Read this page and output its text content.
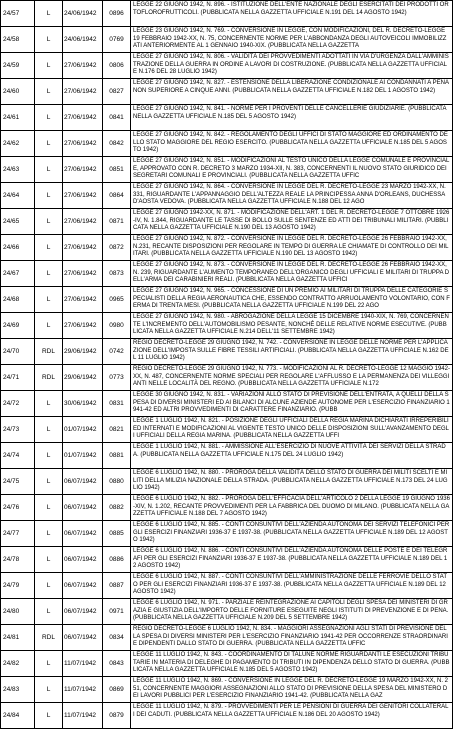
24/57	L	24/06/1942	0896	LEGGE 22 GIUGNO 1942, N. 896. - ISTITUZIONE DELL'ENTE NAZIONALE DEGLI ESERCITATI DEI PRODOTTI ORTOFLOROFRUTTICOLI. (PUBBLICATA NELLA GAZZETTA UFFICIALE N.191 DEL 14 AGOSTO 1942)

24/58	L	24/06/1942	0769	LEGGE 23 GIUGNO 1942, N. 769. - CONVERSIONE IN LEGGE, CON MODIFICAZIONI, DEL R. DECRETO-LEGGE 19 FEBBRAIO 1942-XX, N. 75, CONCERNENTE NORME PER L'ABBONDANZA DEGLI AUTOVEICOLI IMMOBILIZZATI ANTERIORMENTE AL 1 GENNAIO 1940-XIX. (PUBBLICATA NELLA GAZZETTA

24/59	L	27/06/1942	0806	LEGGE 27 GIUGNO 1942, N. 806. - VALIDITÀ DEI PROVVEDIMENTI ADOTTATI IN VIA D'URGENZA DALL'AMMINISTRAZIONE DELLA GUERRA IN ORDINE A LAVORI DI COSTRUZIONE. (PUBBLICATA NELLA GAZZETTA UFFICIALE N.176 DEL 28 LUGLIO 1942)

24/60	L	27/06/1942	0827	LEGGE 27 GIUGNO 1942, N. 827. - ESTENSIONE DELLA LIBERAZIONE CONDIZIONALE AI CONDANNATI A PENA NON SUPERIORE A CINQUE ANNI. (PUBBLICATA NELLA GAZZETTA UFFICIALE N.182 DEL 1 AGOSTO 1942)

24/61	L	27/06/1942	0841	LEGGE 27 GIUGNO 1942, N. 841. - NORME PER I PROVENTI DELLE CANCELLERIE GIUDIZIARIE. (PUBBLICATA NELLA GAZZETTA UFFICIALE N.185 DEL 5 AGOSTO 1942)

24/62	L	27/06/1942	0842	LEGGE 27 GIUGNO 1942, N. 842. - REGOLAMENTO DEGLI UFFICI DI STATO MAGGIORE ED ORDINAMENTO DELLO STATO MAGGIORE DEL REGIO ESERCITO. (PUBBLICATA NELLA GAZZETTA UFFICIALE N.185 DEL 5 AGOSTO 1942)

24/63	L	27/06/1942	0851	LEGGE 27 GIUGNO 1942, N. 851. - MODIFICAZIONI AL TESTO UNICO DELLA LEGGE COMUNALE E PROVINCIALE, APPROVATO CON R. DECRETO 3 MARZO 1934-XII, N. 383, CONCERNENTI IL NUOVO STATO GIURIDICO DEI SEGRETARI COMUNALI E PROVINCIALI. (PUBBLICATA NELLA GAZZETTA UFFIC

24/64	L	27/06/1942	0864	LEGGE 27 GIUGNO 1942, N. 864. - CONVERSIONE IN LEGGE DEL R. DECRETO-LEGGE 23 MARZO 1942-XX, N. 331, RIGUARDANTE L'APPANNAGGIO DELL'ALTEZZA REALE LA PRINCIPESSA ANNA D'ORLEANS, DUCHESSA D'AOSTA VEDOVA. (PUBBLICATA NELLA GAZZETTA UFFICIALE N.188 DEL 12 AGO

24/65	L	27/06/1942	0871	LEGGE 27 GIUGNO 1942-XX, N. 871. - MODIFICAZIONE DELL'ART. 1 DEL R. DECRETO-LEGGE 7 OTTOBRE 1926-IV, N. 1.844, RIGUARDANTE LE TASSE DI BOLLO SULLE SENTENZE ED ATTI DEI TRIBUNALI MILITARI. (PUBBLICATA NELLA GAZZETTA UFFICIALE N.190 DEL 13 AGOSTO 1942)

24/66	L	27/06/1942	0872	LEGGE 27 GIUGNO 1942, N. 872. - CONVERSIONE IN LEGGE DEL R. DECRETO-LEGGE 26 FEBBRAIO 1942-XX, N.231, RECANTE DISPOSIZIONI PER REGOLARE IN TEMPO DI GUERRA LE CHIAMATE DI CONTROLLO DEI MILITARI. (PUBBLICATA NELLA GAZZETTA UFFICIALE N.190 DEL 13 AGOSTO 1942)

24/67	L	27/06/1942	0873	LEGGE 27 GIUGNO 1942, N. 873. - CONVERSIONE IN LEGGE DEL R. DECRETO-LEGGE 26 FEBBRAIO 1942-XX, N. 239, RIGUARDANTE L'AUMENTO TEMPORANEO DELL'ORGANICO DEGLI UFFICIALI E MILITARI DI TRUPPA DELL'ARMA DEI CARABINIERI REALI. (PUBBLICATA NELLA GAZZETTA UFFICI

24/68	L	27/06/1942	0965	LEGGE 27 GIUGNO 1942, N. 965. - CONCESSIONE DI UN PREMIO AI MILITARI DI TRUPPA DELLE CATEGORIE SPECIALISTI DELLA REGIA AERONAUTICA CHE, ESSENDO CONTRATTO ARRUOLAMENTO VOLONTARIO, CON FERMA DI TRENTA MESI. (PUBBLICATA NELLA GAZZETTA UFFICIALE N.199 DEL 22 AGO

24/69	L	27/06/1942	0980	LEGGE 27 GIUGNO 1942, N. 980. - ABROGAZIONE DELLA LEGGE 15 DICEMBRE 1940-XIX, N. 769, CONCERNENTE L'INCREMENTO DELL'AUTOMOBILISMO PESANTE, NONCHÉ DELLE RELATIVE NORME ESECUTIVE. (PUBBLICATA NELLA GAZZETTA UFFICIALE N.214 DELL'11 SETTEMBRE 1942)

24/70	RDL	29/06/1942	0742	REGIO DECRETO-LEGGE 29 GIUGNO 1942, N. 742. - CONVERSIONE IN LEGGE DELLE NORME PER L'APPLICAZIONE DELL'IMPOSTA SULLE FIBRE TESSILI ARTIFICIALI. (PUBBLICATA NELLA GAZZETTA UFFICIALE N.162 DEL 11 LUGLIO 1942)

24/71	RDL	29/06/1942	0773	REGIO DECRETO-LEGGE 29 GIUGNO 1942, N. 773. - MODIFICAZIONI AL R. DECRETO-LEGGE 12 MAGGIO 1942-XX, N. 487, CONCERNENTE NORME SPECIALI PER REGOLARE L'AFFLUSSO E LA PERMANENZA DEI VILLEGGIANTI NELLE LOCALITÀ DEL REGNO. (PUBBLICATA NELLA GAZZETTA UFFICIALE N.172

24/72	L	30/06/1942	0831	LEGGE 30 GIUGNO 1942, N. 831. - VARIAZIONI ALLO STATO DI PREVISIONE DELL'ENTRATA, A QUELLI DELLA SPESA DI DIVERSI MINISTERI ED AI BILANCI DI ALCUNE AZIENDE AUTONOME PER L'ESERCIZIO FINANZIARIO 1941-42 ED ALTRI PROVVEDIMENTI DI CARATTERE FINANZIARIO. (PUBB

24/73	L	01/07/1942	0821	LEGGE 1 LUGLIO 1942, N. 821. - POSIZIONE DEGLI UFFICIALI DELLA REGIA MARINA DICHIARATI IRREPERIBILI ED INTERNATI E MODIFICAZIONI AL VIGENTE TESTO UNICO DELLE DISPOSIZIONI SULL'AVANZAMENTO DEGLI UFFICIALI DELLA REGIA MARINA. (PUBBLICATA NELLA GAZZETTA UFFI

24/74	L	01/07/1942	0881	LEGGE 1 LUGLIO 1942, N. 881. - AMMISSIONE ALL'ESERCIZIO DI NUOVE ATTIVITÀ DEI SERVIZI DELLA STRADA. (PUBBLICATA NELLA GAZZETTA UFFICIALE N.175 DEL 24 LUGLIO 1942)

24/75	L	06/07/1942	0880	LEGGE 6 LUGLIO 1942, N. 880. - PROROGA DELLA VALIDITÀ DELLO STATO DI GUERRA DEI MILITI SCELTI E MILITI DELLA MILIZIA NAZIONALE DELLA STRADA. (PUBBLICATA NELLA GAZZETTA UFFICIALE N.173 DEL 24 LUGLIO 1942)

24/76	L	06/07/1942	0882	LEGGE 6 LUGLIO 1942, N. 882. - PROROGA DELL'EFFICACIA DELL'ARTICOLO 2 DELLA LEGGE 19 GIUGNO 1936-XIV, N. 1.202, RECANTE PROVVEDIMENTI PER LA FABBRICA DEL DUOMO DI MILANO. (PUBBLICATA NELLA GAZZETTA UFFICIALE N.188 DEL 7 AGOSTO 1942)

24/77	L	06/07/1942	0885	LEGGE 6 LUGLIO 1942, N. 885. - CONTI CONSUNTIVI DELL'AZIENDA AUTONOMA DEI SERVIZI TELEFONICI PER GLI ESERCIZI FINANZIARI 1936-37 E 1937-38. (PUBBLICATA NELLA GAZZETTA UFFICIALE N.189 DEL 12 AGOSTO 1942)

24/78	L	06/07/1942	0886	LEGGE 6 LUGLIO 1942, N. 886. - CONTI CONSUNTIVI DELL'AZIENDA AUTONOMA DELLE POSTE E DEI TELEGRAFI PER GLI ESERCIZI FINANZIARI 1936-37 E 1937-38. (PUBBLICATA NELLA GAZZETTA UFFICIALE N.189 DEL 12 AGOSTO 1942)

24/79	L	06/07/1942	0887	LEGGE 6 LUGLIO 1942, N. 887. - CONTI CONSUNTIVI DELL'AMMINISTRAZIONE DELLE FERROVIE DELLO STATO PER GLI ESERCIZI FINANZIARI 1936-37 E 1937-38. (PUBBLICATA NELLA GAZZETTA UFFICIALE N.189 DEL 12 AGOSTO 1942)

24/80	L	06/07/1942	0971	LEGGE 6 LUGLIO 1942, N. 971. - PARZIALE REINTEGRAZIONE AI CAPITOLI DEGLI SPESA DEI MINISTERI DI GRAZIA E GIUSTIZIA DELL'IMPORTO DELLE FORNITURE ESEGUITE NEGLI ISTITUTI DI PREVENZIONE E DI PENA. (PUBBLICATA NELLA GAZZETTA UFFICIALE N.209 DEL 5 SETTEMBRE 1942)

24/81	RDL	06/07/1942	0834	REGIO DECRETO-LEGGE 6 LUGLIO 1942, N. 834. - MAGGIORI ASSEGNAZIONI AGLI STATI DI PREVISIONE DELLA SPESA DI DIVERSI MINISTERI PER L'ESERCIZIO FINANZIARIO 1941-42 PER OCCORRENZE STRAORDINARIE DIPENDENTI DALLO STATO DI GUERRA. (PUBBLICATA NELLA GAZZETTA UFFIC

24/82	L	11/07/1942	0843	LEGGE 11 LUGLIO 1942, N. 843. - COORDINAMENTO DI TALUNE NORME RIGUARDANTI LE ESECUZIONI TRIBUTARIE IN MATERIA DI DELEGHE DI PAGAMENTO DI TRIBUTI IN DIPENDENZA DELLO STATO DI GUERRA. (PUBBLICATA NELLA GAZZETTA UFFICIALE N.185 DEL 5 AGOSTO 1942)

24/83	L	11/07/1942	0869	LEGGE 11 LUGLIO 1942, N. 869. - CONVERSIONE IN LEGGE DEL R. DECRETO-LEGGE 19 MARZO 1942-XX, N. 251, CONCERNENTE MAGGIORI ASSEGNAZIONI ALLO STATO DI PREVISIONE DELLA SPESA DEL MINISTERO DEI LAVORI PUBBLICI PER L'ESERCIZIO FINANZIARIO 1941-42. (PUBBLICATA NELLA GAZ

24/84	L	11/07/1942	0879	LEGGE 11 LUGLIO 1942, N. 879. - PROVVEDIMENTI PER LE PENSIONI DI GUERRA DEI GENITORI COLLATERALI DEI CADUTI. (PUBBLICATA NELLA GAZZETTA UFFICIALE N.186 DEL 20 AGOSTO 1942)
